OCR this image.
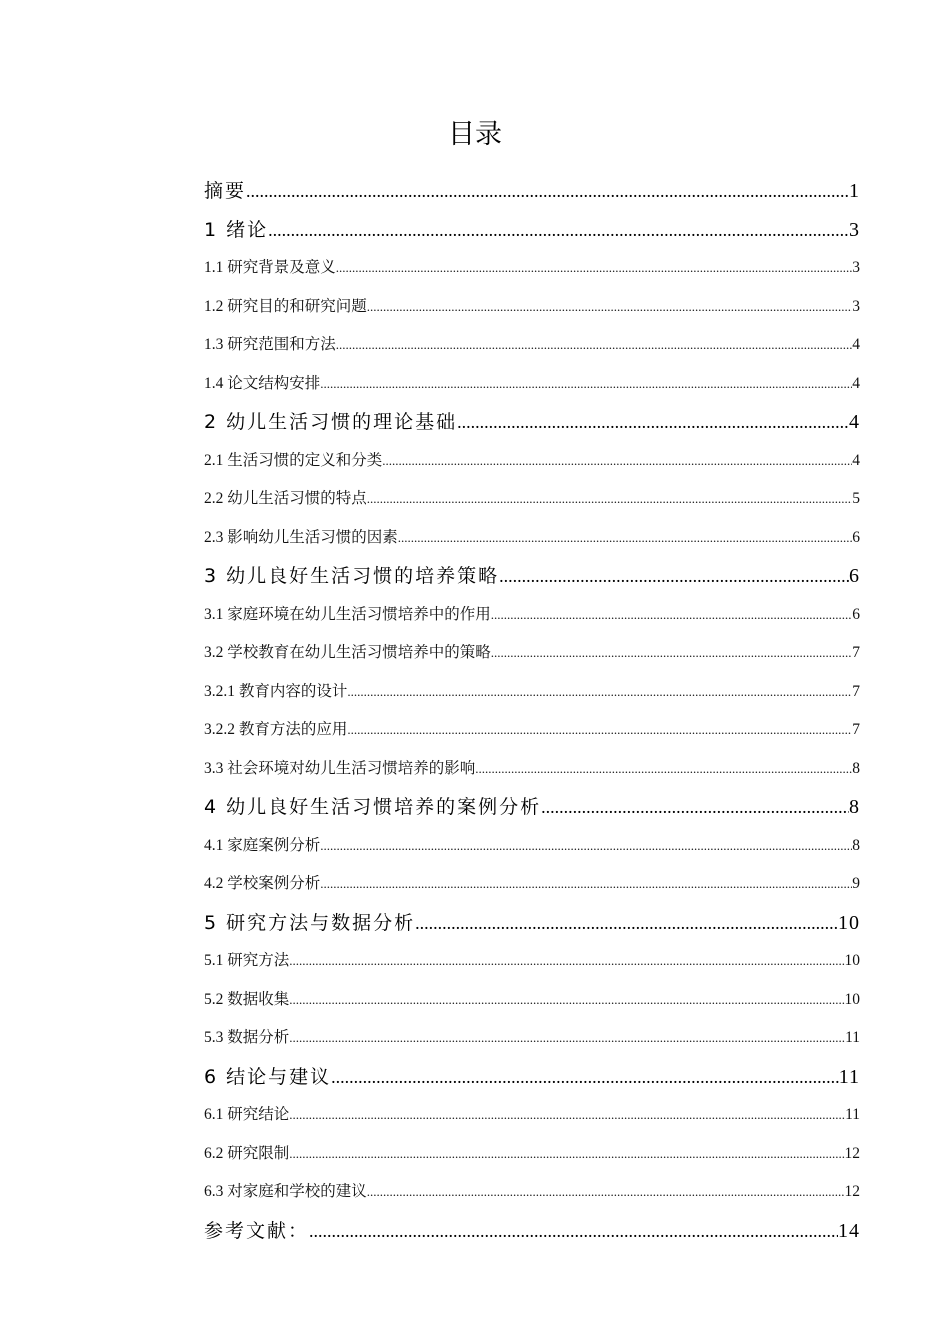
目录
摘要 .....	1
1 绪论 .....	3
1.1 研究背景及意义 .....	3
1.2 研究目的和研究问题 .....	3
1.3 研究范围和方法 .....	4
1.4 论文结构安排 .....	4
2 幼儿生活习惯的理论基础 .....	4
2.1 生活习惯的定义和分类 .....	4
2.2 幼儿生活习惯的特点 .....	5
2.3 影响幼儿生活习惯的因素 .....	6
3 幼儿良好生活习惯的培养策略 .....	6
3.1 家庭环境在幼儿生活习惯培养中的作用 .....	6
3.2 学校教育在幼儿生活习惯培养中的策略 .....	7
3.2.1 教育内容的设计 .....	7
3.2.2 教育方法的应用 .....	7
3.3 社会环境对幼儿生活习惯培养的影响 .....	8
4 幼儿良好生活习惯培养的案例分析 .....	8
4.1 家庭案例分析 .....	8
4.2 学校案例分析 .....	9
5 研究方法与数据分析 .....	10
5.1 研究方法 .....	10
5.2 数据收集 .....	10
5.3 数据分析 .....	11
6 结论与建议 .....	11
6.1 研究结论 .....	11
6.2 研究限制 .....	12
6.3 对家庭和学校的建议 .....	12
参考文献： .....	14
